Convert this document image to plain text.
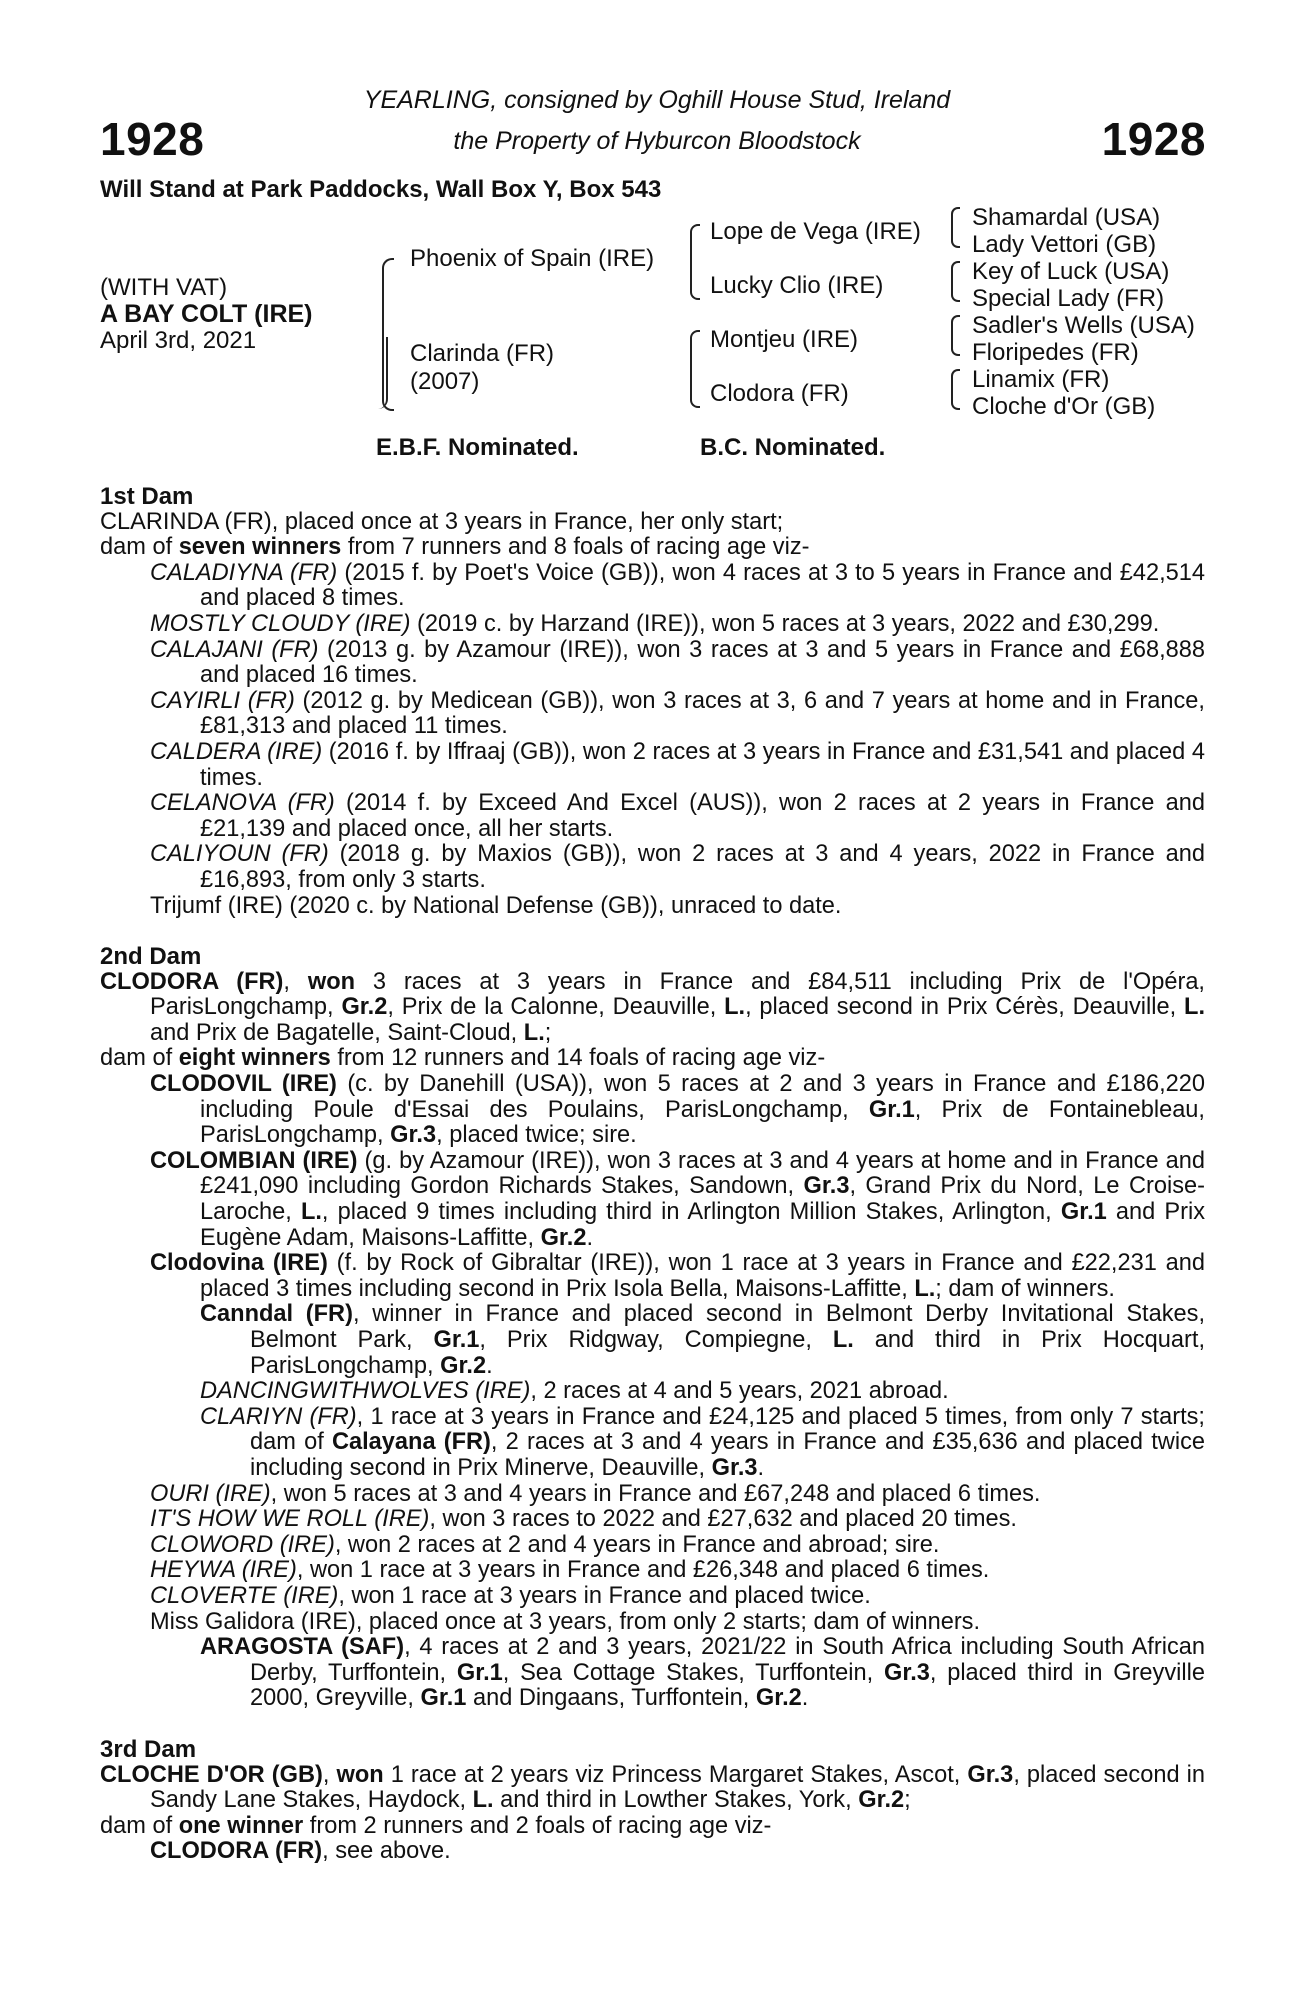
1928	1928
YEARLING, consigned by Oghill House Stud, Ireland
the Property of Hyburcon Bloodstock
Will Stand at Park Paddocks, Wall Box Y, Box 543
(WITH VAT)
A BAY COLT (IRE)
April 3rd, 2021
Phoenix of Spain (IRE)
Clarinda (FR)
(2007)
Lope de Vega (IRE)
Lucky Clio (IRE)
Montjeu (IRE)
Clodora (FR)
Shamardal (USA)
Lady Vettori (GB)
Key of Luck (USA)
Special Lady (FR)
Sadler's Wells (USA)
Floripedes (FR)
Linamix (FR)
Cloche d'Or (GB)
E.B.F. Nominated.	B.C. Nominated.

1st Dam

CLARINDA (FR), placed once at 3 years in France, her only start;

dam of seven winners from 7 runners and 8 foals of racing age viz-

CALADIYNA (FR) (2015 f. by Poet's Voice (GB)), won 4 races at 3 to 5 years in France and £42,514 and placed 8 times.

MOSTLY CLOUDY (IRE) (2019 c. by Harzand (IRE)), won 5 races at 3 years, 2022 and £30,299.

CALAJANI (FR) (2013 g. by Azamour (IRE)), won 3 races at 3 and 5 years in France and £68,888 and placed 16 times.

CAYIRLI (FR) (2012 g. by Medicean (GB)), won 3 races at 3, 6 and 7 years at home and in France, £81,313 and placed 11 times.

CALDERA (IRE) (2016 f. by Iffraaj (GB)), won 2 races at 3 years in France and £31,541 and placed 4 times.

CELANOVA (FR) (2014 f. by Exceed And Excel (AUS)), won 2 races at 2 years in France and £21,139 and placed once, all her starts.

CALIYOUN (FR) (2018 g. by Maxios (GB)), won 2 races at 3 and 4 years, 2022 in France and £16,893, from only 3 starts.

Trijumf (IRE) (2020 c. by National Defense (GB)), unraced to date.

2nd Dam

CLODORA (FR), won 3 races at 3 years in France and £84,511 including Prix de l'Opéra, ParisLongchamp, Gr.2, Prix de la Calonne, Deauville, L., placed second in Prix Cérès, Deauville, L. and Prix de Bagatelle, Saint-Cloud, L.;

dam of eight winners from 12 runners and 14 foals of racing age viz-

CLODOVIL (IRE) (c. by Danehill (USA)), won 5 races at 2 and 3 years in France and £186,220 including Poule d'Essai des Poulains, ParisLongchamp, Gr.1, Prix de Fontainebleau, ParisLongchamp, Gr.3, placed twice; sire.

COLOMBIAN (IRE) (g. by Azamour (IRE)), won 3 races at 3 and 4 years at home and in France and £241,090 including Gordon Richards Stakes, Sandown, Gr.3, Grand Prix du Nord, Le Croise-Laroche, L., placed 9 times including third in Arlington Million Stakes, Arlington, Gr.1 and Prix Eugène Adam, Maisons-Laffitte, Gr.2.

Clodovina (IRE) (f. by Rock of Gibraltar (IRE)), won 1 race at 3 years in France and £22,231 and placed 3 times including second in Prix Isola Bella, Maisons-Laffitte, L.; dam of winners.

Canndal (FR), winner in France and placed second in Belmont Derby Invitational Stakes, Belmont Park, Gr.1, Prix Ridgway, Compiegne, L. and third in Prix Hocquart, ParisLongchamp, Gr.2.

DANCINGWITHWOLVES (IRE), 2 races at 4 and 5 years, 2021 abroad.

CLARIYN (FR), 1 race at 3 years in France and £24,125 and placed 5 times, from only 7 starts; dam of Calayana (FR), 2 races at 3 and 4 years in France and £35,636 and placed twice including second in Prix Minerve, Deauville, Gr.3.

OURI (IRE), won 5 races at 3 and 4 years in France and £67,248 and placed 6 times.

IT'S HOW WE ROLL (IRE), won 3 races to 2022 and £27,632 and placed 20 times.

CLOWORD (IRE), won 2 races at 2 and 4 years in France and abroad; sire.

HEYWA (IRE), won 1 race at 3 years in France and £26,348 and placed 6 times.

CLOVERTE (IRE), won 1 race at 3 years in France and placed twice.

Miss Galidora (IRE), placed once at 3 years, from only 2 starts; dam of winners.

ARAGOSTA (SAF), 4 races at 2 and 3 years, 2021/22 in South Africa including South African Derby, Turffontein, Gr.1, Sea Cottage Stakes, Turffontein, Gr.3, placed third in Greyville 2000, Greyville, Gr.1 and Dingaans, Turffontein, Gr.2.

3rd Dam

CLOCHE D'OR (GB), won 1 race at 2 years viz Princess Margaret Stakes, Ascot, Gr.3, placed second in Sandy Lane Stakes, Haydock, L. and third in Lowther Stakes, York, Gr.2;

dam of one winner from 2 runners and 2 foals of racing age viz-

CLODORA (FR), see above.
